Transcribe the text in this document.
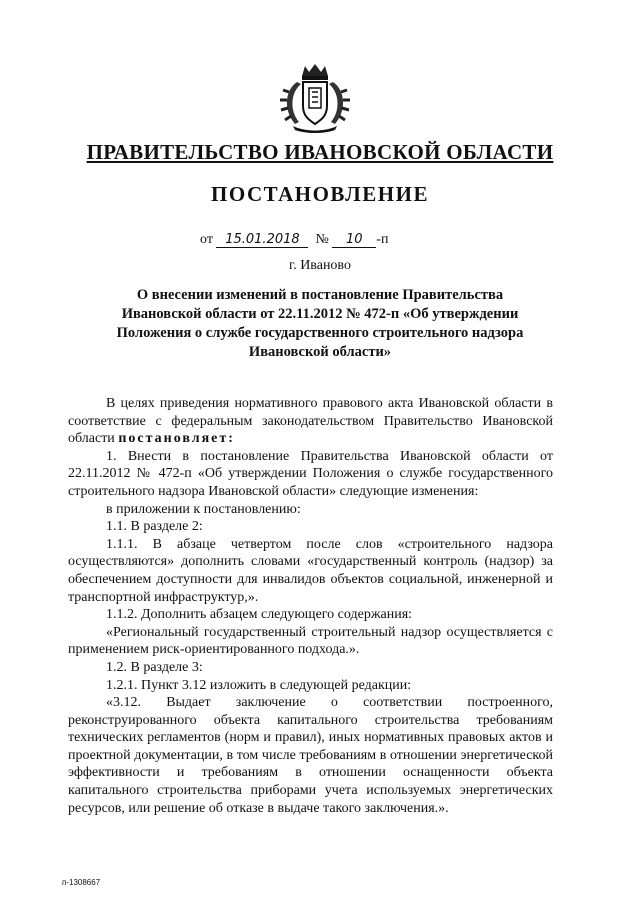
ПРАВИТЕЛЬСТВО ИВАНОВСКОЙ ОБЛАСТИ
ПОСТАНОВЛЕНИЕ
от 15.01.2018 № 10 -п
г. Иваново
О внесении изменений в постановление Правительства Ивановской области от 22.11.2012 № 472-п «Об утверждении Положения о службе государственного строительного надзора Ивановской области»

В целях приведения нормативного правового акта Ивановской области в соответствие с федеральным законодательством Правительство Ивановской области постановляет:

1. Внести в постановление Правительства Ивановской области от 22.11.2012 № 472-п «Об утверждении Положения о службе государственного строительного надзора Ивановской области» следующие изменения:

в приложении к постановлению:

1.1. В разделе 2:

1.1.1. В абзаце четвертом после слов «строительного надзора осуществляются» дополнить словами «государственный контроль (надзор) за обеспечением доступности для инвалидов объектов социальной, инженерной и транспортной инфраструктур,».

1.1.2. Дополнить абзацем следующего содержания:

«Региональный государственный строительный надзор осуществляется с применением риск-ориентированного подхода.».

1.2. В разделе 3:

1.2.1. Пункт 3.12 изложить в следующей редакции:

«3.12. Выдает заключение о соответствии построенного, реконструированного объекта капитального строительства требованиям технических регламентов (норм и правил), иных нормативных правовых актов и проектной документации, в том числе требованиям в отношении энергетической эффективности и требованиям в отношении оснащенности объекта капитального строительства приборами учета используемых энергетических ресурсов, или решение об отказе в выдаче такого заключения.».

п-1308667
